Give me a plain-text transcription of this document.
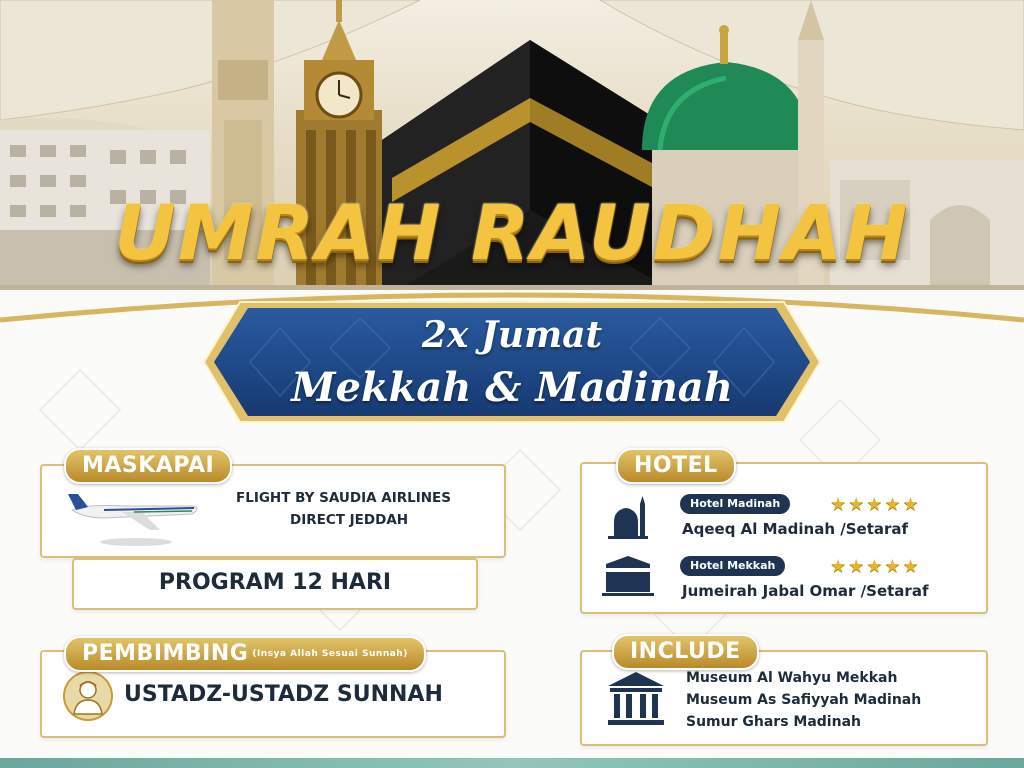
UMRAH RAUDHAH
2x Jumat
Mekkah & Madinah
FLIGHT BY SAUDIA AIRLINES
DIRECT JEDDAH
MASKAPAI
PROGRAM 12 HARI
Hotel Madinah	★★★★★
Aqeeq Al Madinah /Setaraf
Hotel Mekkah	★★★★★
Jumeirah Jabal Omar /Setaraf
HOTEL
USTADZ-USTADZ SUNNAH
PEMBIMBING (Insya Allah Sesuai Sunnah)
Museum Al Wahyu Mekkah
Museum As Safiyyah Madinah
Sumur Ghars Madinah
INCLUDE
